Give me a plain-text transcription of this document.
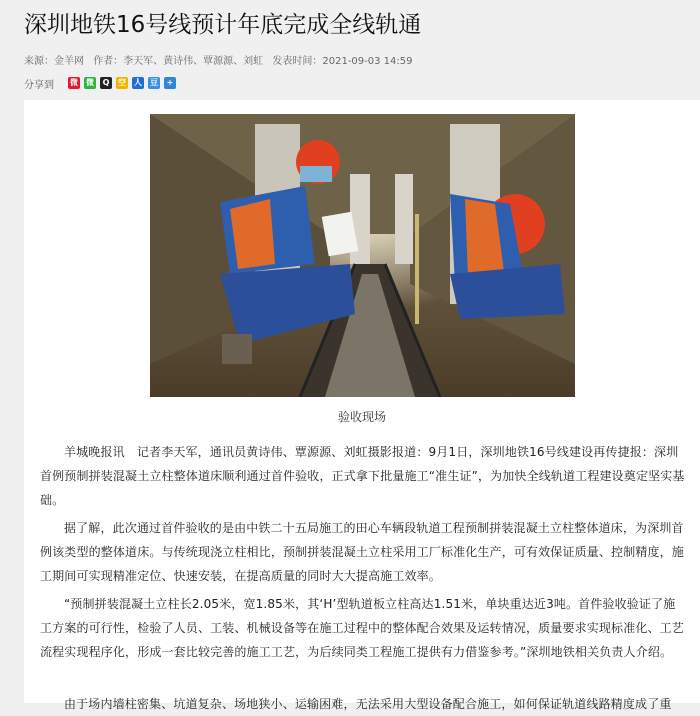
深圳地铁16号线预计年底完成全线轨通
来源：金羊网 作者：李天军、黄诗伟、覃源源、刘虹 发表时间：2021-09-03 14:59
分享到 微 微	Q	空 人 豆	+
验收现场

羊城晚报讯　记者李天军，通讯员黄诗伟、覃源源、刘虹摄影报道：9月1日，深圳地铁16号线建设再传捷报：深圳首例预制拼装混凝土立柱整体道床顺利通过首件验收，正式拿下批量施工“准生证”，为加快全线轨道工程建设奠定坚实基础。

据了解，此次通过首件验收的是由中铁二十五局施工的田心车辆段轨道工程预制拼装混凝土立柱整体道床，为深圳首例该类型的整体道床。与传统现浇立柱相比，预制拼装混凝土立柱采用工厂标准化生产，可有效保证质量、控制精度，施工期间可实现精准定位、快速安装，在提高质量的同时大大提高施工效率。

“预制拼装混凝土立柱长2.05米，宽1.85米，其‘H’型轨道板立柱高达1.51米，单块重达近3吨。首件验收验证了施工方案的可行性，检验了人员、工装、机械设备等在施工过程中的整体配合效果及运转情况，质量要求实现标准化、工艺流程实现程序化，形成一套比较完善的施工工艺，为后续同类工程施工提供有力借鉴参考。”深圳地铁相关负责人介绍。

由于场内墙柱密集、坑道复杂、场地狭小、运输困难，无法采用大型设备配合施工，如何保证轨道线路精度成了重
